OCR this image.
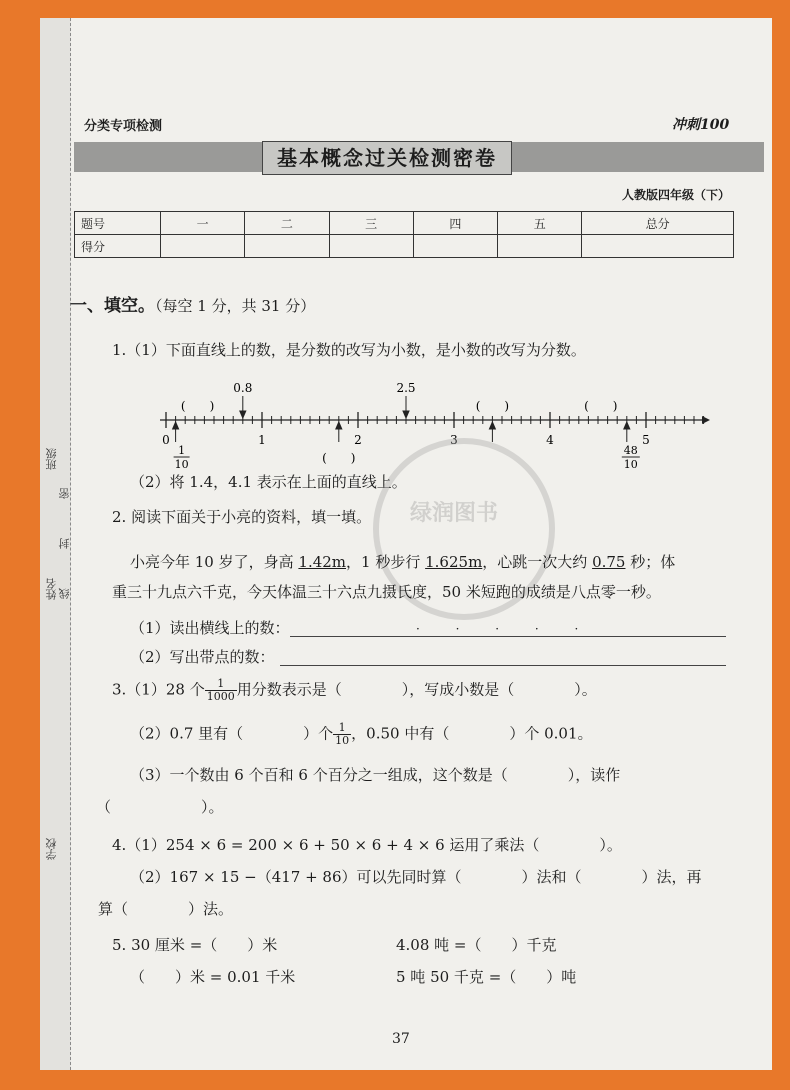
班级
姓名
密
封
线
学校
分类专项检测	冲刺100
基本概念过关检测密卷
人教版四年级（下）
题号	一	二	三	四	五	总分
得分						
一、填空。（每空 1 分，共 31 分）
1.（1）下面直线上的数，是分数的改写为小数，是小数的改写为分数。
0	1	2	3	4	5
0.8	2.5
(　　)	(　　)
(　　)
(　　)
1
10
48
10
（2）将 1.4，4.1 表示在上面的直线上。
绿润图书
2. 阅读下面关于小亮的资料，填一填。
小亮今年 10 岁了，身高 1.42m，1 秒步行 1.625m，心跳一次大约 0.75 秒；体
重三十九点六千克，今天体温三十六点九摄氏度，50 米短跑的成绩是八点零一秒。
· · · · ·
（1）读出横线上的数：
（2）写出带点的数：
3.（1）28 个 $\frac{1}{1000}$ 用分数表示是（　　　　），写成小数是（　　　　）。
（2）0.7 里有（　　　　）个 $\frac{1}{10}$ ，0.50 中有（　　　　）个 0.01。
（3）一个数由 6 个百和 6 个百分之一组成，这个数是（　　　　），读作
（　　　　　　）。
4.（1）254 × 6 = 200 × 6 + 50 × 6 + 4 × 6 运用了乘法（　　　　）。
（2）167 × 15 −（417 + 86）可以先同时算（　　　　）法和（　　　　）法，再
算（　　　　）法。
5. 30 厘米 =（　　）米	4.08 吨 =（　　）千克
（　　）米 = 0.01 千米	5 吨 50 千克 =（　　）吨
37
